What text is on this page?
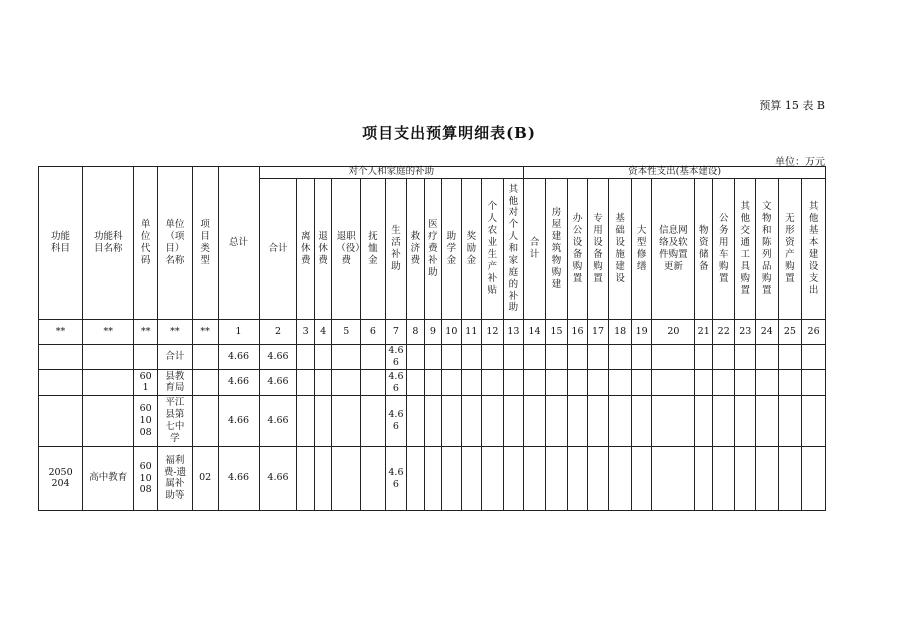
预算 15 表 B
项目支出预算明细表(B)
单位：万元
功能科目	功能科目名称	单位代码	单位（项目）名称	项目类型	总计	对个人和家庭的补助												资本性支出(基本建设)												
						合计	离休费	退休费	退职（役）费	抚恤金	生活补助	救济费	医疗费补助	助学金	奖励金	个人农业生产补贴	其他对个人和家庭的补助	合计	房屋建筑物购建	办公设备购置	专用设备购置	基础设施建设	大型修缮	信息网络及软件购置更新	物资储备	公务用车购置	其他交通工具购置	文物和陈列品购置	无形资产购置	其他基本建设支出
**	**	**	**	**	1	2	3	4	5	6	7	8	9	10	11	12	13	14	15	16	17	18	19	20	21	22	23	24	25	26
			合计		4.66	4.66					4.66																			
		601	县教育局		4.66	4.66					4.66																			
		601008	平江县第七中学		4.66	4.66					4.66																			
2050204	高中教育	601008	福利费-遗属补助等	02	4.66	4.66					4.66																			
